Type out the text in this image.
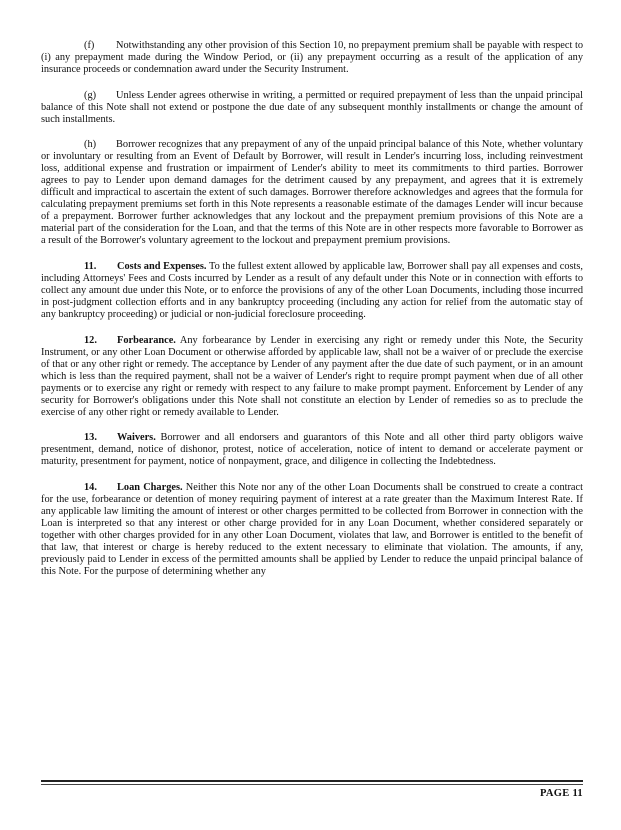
(f) Notwithstanding any other provision of this Section 10, no prepayment premium shall be payable with respect to (i) any prepayment made during the Window Period, or (ii) any prepayment occurring as a result of the application of any insurance proceeds or condemnation award under the Security Instrument.

(g) Unless Lender agrees otherwise in writing, a permitted or required prepayment of less than the unpaid principal balance of this Note shall not extend or postpone the due date of any subsequent monthly installments or change the amount of such installments.

(h) Borrower recognizes that any prepayment of any of the unpaid principal balance of this Note, whether voluntary or involuntary or resulting from an Event of Default by Borrower, will result in Lender's incurring loss, including reinvestment loss, additional expense and frustration or impairment of Lender's ability to meet its commitments to third parties. Borrower agrees to pay to Lender upon demand damages for the detriment caused by any prepayment, and agrees that it is extremely difficult and impractical to ascertain the extent of such damages. Borrower therefore acknowledges and agrees that the formula for calculating prepayment premiums set forth in this Note represents a reasonable estimate of the damages Lender will incur because of a prepayment. Borrower further acknowledges that any lockout and the prepayment premium provisions of this Note are a material part of the consideration for the Loan, and that the terms of this Note are in other respects more favorable to Borrower as a result of the Borrower's voluntary agreement to the lockout and prepayment premium provisions.

11. Costs and Expenses. To the fullest extent allowed by applicable law, Borrower shall pay all expenses and costs, including Attorneys' Fees and Costs incurred by Lender as a result of any default under this Note or in connection with efforts to collect any amount due under this Note, or to enforce the provisions of any of the other Loan Documents, including those incurred in post-judgment collection efforts and in any bankruptcy proceeding (including any action for relief from the automatic stay of any bankruptcy proceeding) or judicial or non-judicial foreclosure proceeding.

12. Forbearance. Any forbearance by Lender in exercising any right or remedy under this Note, the Security Instrument, or any other Loan Document or otherwise afforded by applicable law, shall not be a waiver of or preclude the exercise of that or any other right or remedy. The acceptance by Lender of any payment after the due date of such payment, or in an amount which is less than the required payment, shall not be a waiver of Lender's right to require prompt payment when due of all other payments or to exercise any right or remedy with respect to any failure to make prompt payment. Enforcement by Lender of any security for Borrower's obligations under this Note shall not constitute an election by Lender of remedies so as to preclude the exercise of any other right or remedy available to Lender.

13. Waivers. Borrower and all endorsers and guarantors of this Note and all other third party obligors waive presentment, demand, notice of dishonor, protest, notice of acceleration, notice of intent to demand or accelerate payment or maturity, presentment for payment, notice of nonpayment, grace, and diligence in collecting the Indebtedness.

14. Loan Charges. Neither this Note nor any of the other Loan Documents shall be construed to create a contract for the use, forbearance or detention of money requiring payment of interest at a rate greater than the Maximum Interest Rate. If any applicable law limiting the amount of interest or other charges permitted to be collected from Borrower in connection with the Loan is interpreted so that any interest or other charge provided for in any Loan Document, whether considered separately or together with other charges provided for in any other Loan Document, violates that law, and Borrower is entitled to the benefit of that law, that interest or charge is hereby reduced to the extent necessary to eliminate that violation. The amounts, if any, previously paid to Lender in excess of the permitted amounts shall be applied by Lender to reduce the unpaid principal balance of this Note. For the purpose of determining whether any

PAGE 11
